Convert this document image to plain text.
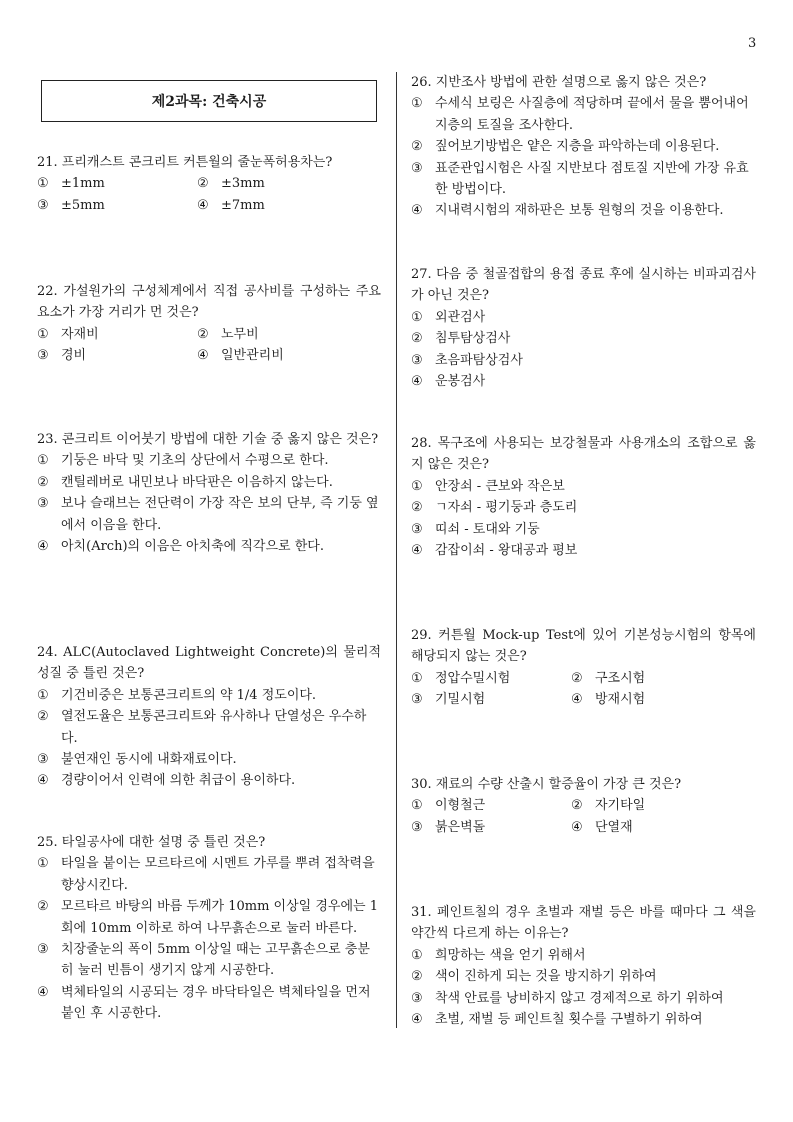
3
제2과목: 건축시공
21. 프리캐스트 콘크리트 커튼월의 줄눈폭허용차는?
① ±1mm	② ±3mm
③ ±5mm	④ ±7mm
22. 가설원가의 구성체계에서 직접 공사비를 구성하는 주요요소가 가장 거리가 먼 것은?
① 자재비	② 노무비
③ 경비	④ 일반관리비
23. 콘크리트 이어붓기 방법에 대한 기술 중 옳지 않은 것은?
① 기둥은 바닥 및 기초의 상단에서 수평으로 한다.
② 캔틸레버로 내민보나 바닥판은 이음하지 않는다.
③ 보나 슬래브는 전단력이 가장 작은 보의 단부, 즉 기둥 옆에서 이음을 한다.
④ 아치(Arch)의 이음은 아치축에 직각으로 한다.
24. ALC(Autoclaved Lightweight Concrete)의 물리적 성질 중 틀린 것은?
① 기건비중은 보통콘크리트의 약 1/4 정도이다.
② 열전도율은 보통콘크리트와 유사하나 단열성은 우수하다.
③ 불연재인 동시에 내화재료이다.
④ 경량이어서 인력에 의한 취급이 용이하다.
25. 타일공사에 대한 설명 중 틀린 것은?
① 타일을 붙이는 모르타르에 시멘트 가루를 뿌려 접착력을 향상시킨다.
② 모르타르 바탕의 바름 두께가 10mm 이상일 경우에는 1회에 10mm 이하로 하여 나무흙손으로 눌러 바른다.
③ 치장줄눈의 폭이 5mm 이상일 때는 고무흙손으로 충분히 눌러 빈틈이 생기지 않게 시공한다.
④ 벽체타일의 시공되는 경우 바닥타일은 벽체타일을 먼저 붙인 후 시공한다.
26. 지반조사 방법에 관한 설명으로 옳지 않은 것은?
① 수세식 보링은 사질층에 적당하며 끝에서 물을 뿜어내어 지층의 토질을 조사한다.
② 짚어보기방법은 얕은 지층을 파악하는데 이용된다.
③ 표준관입시험은 사질 지반보다 점토질 지반에 가장 유효한 방법이다.
④ 지내력시험의 재하판은 보통 원형의 것을 이용한다.
27. 다음 중 철골접합의 용접 종료 후에 실시하는 비파괴검사가 아닌 것은?
① 외관검사
② 침투탐상검사
③ 초음파탐상검사
④ 운봉검사
28. 목구조에 사용되는 보강철물과 사용개소의 조합으로 옳지 않은 것은?
① 안장쇠 - 큰보와 작은보
② ㄱ자쇠 - 평기둥과 층도리
③ 띠쇠 - 토대와 기둥
④ 감잡이쇠 - 왕대공과 평보
29. 커튼월 Mock-up Test에 있어 기본성능시험의 항목에 해당되지 않는 것은?
① 정압수밀시험	② 구조시험
③ 기밀시험	④ 방재시험
30. 재료의 수량 산출시 할증율이 가장 큰 것은?
① 이형철근	② 자기타일
③ 붉은벽돌	④ 단열재
31. 페인트칠의 경우 초벌과 재벌 등은 바를 때마다 그 색을 약간씩 다르게 하는 이유는?
① 희망하는 색을 얻기 위해서
② 색이 진하게 되는 것을 방지하기 위하여
③ 착색 안료를 낭비하지 않고 경제적으로 하기 위하여
④ 초벌, 재벌 등 페인트칠 횟수를 구별하기 위하여
